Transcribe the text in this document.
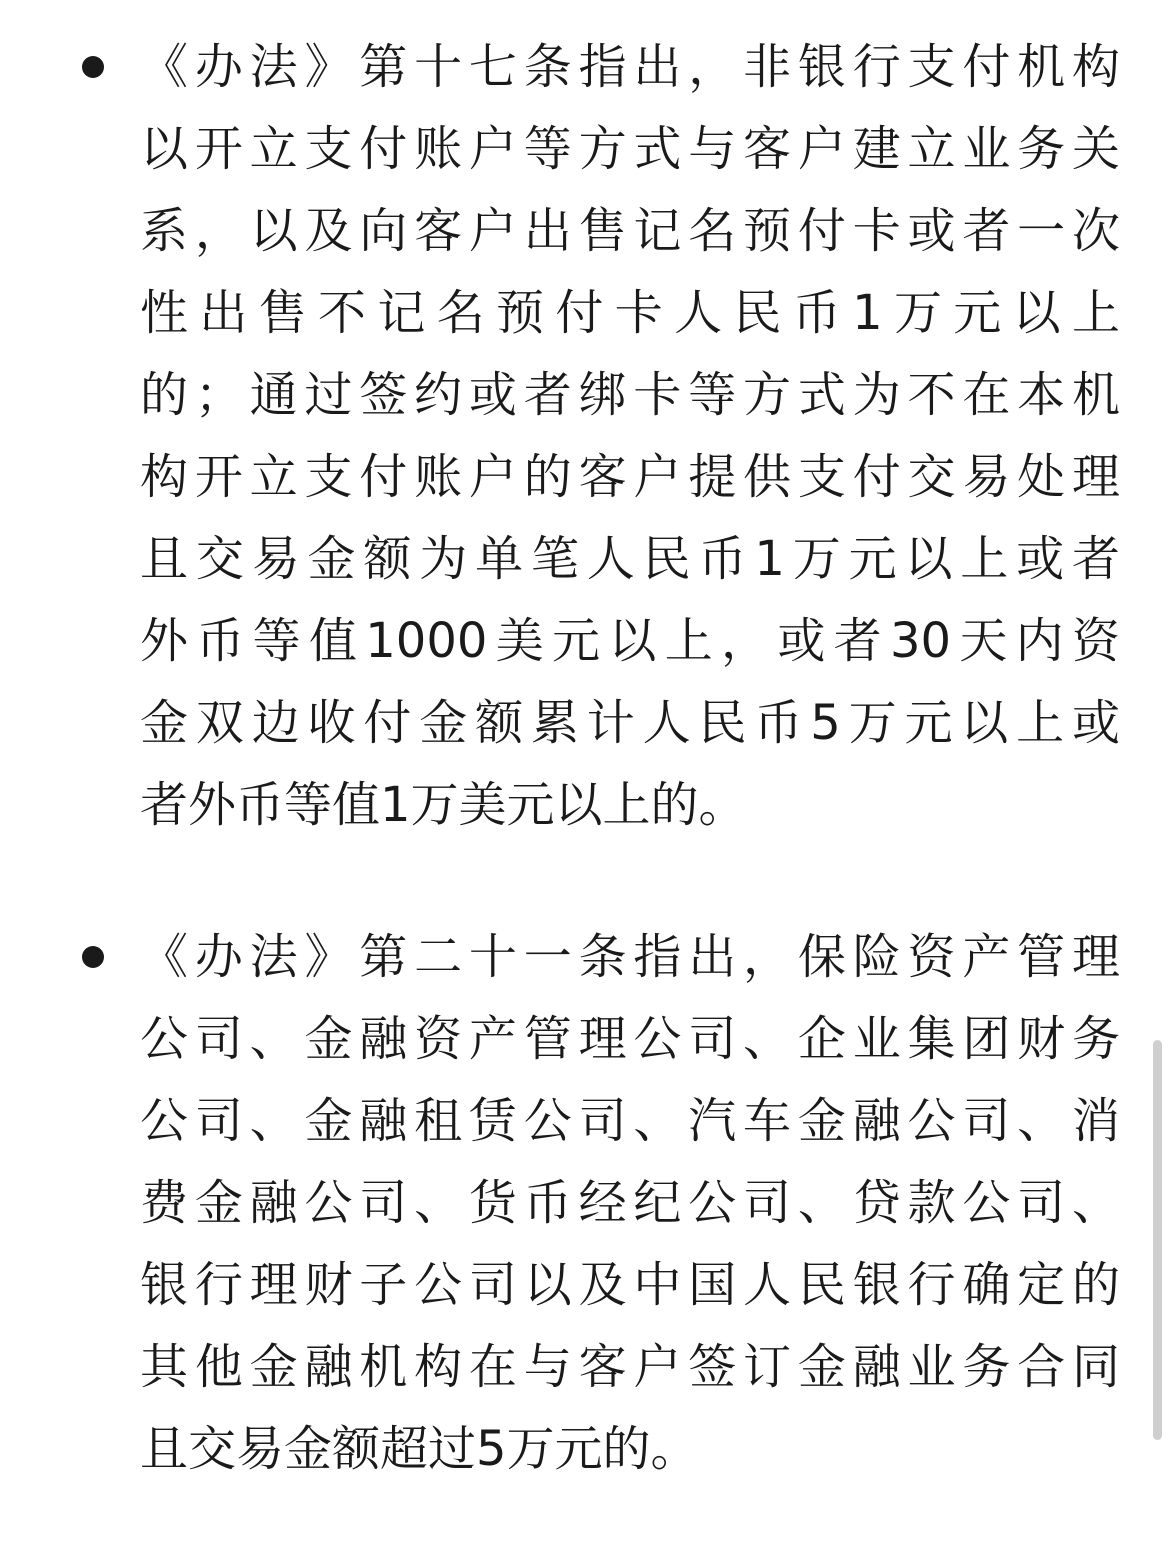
《办法》第十七条指出，非银行支付机构
以开立支付账户等方式与客户建立业务关
系，以及向客户出售记名预付卡或者一次
性出售不记名预付卡人民币1万元以上
的；通过签约或者绑卡等方式为不在本机
构开立支付账户的客户提供支付交易处理
且交易金额为单笔人民币1万元以上或者
外币等值1000美元以上，或者30天内资
金双边收付金额累计人民币5万元以上或
者外币等值1万美元以上的。
《办法》第二十一条指出，保险资产管理
公司、金融资产管理公司、企业集团财务
公司、金融租赁公司、汽车金融公司、消
费金融公司、货币经纪公司、贷款公司、
银行理财子公司以及中国人民银行确定的
其他金融机构在与客户签订金融业务合同
且交易金额超过5万元的。
